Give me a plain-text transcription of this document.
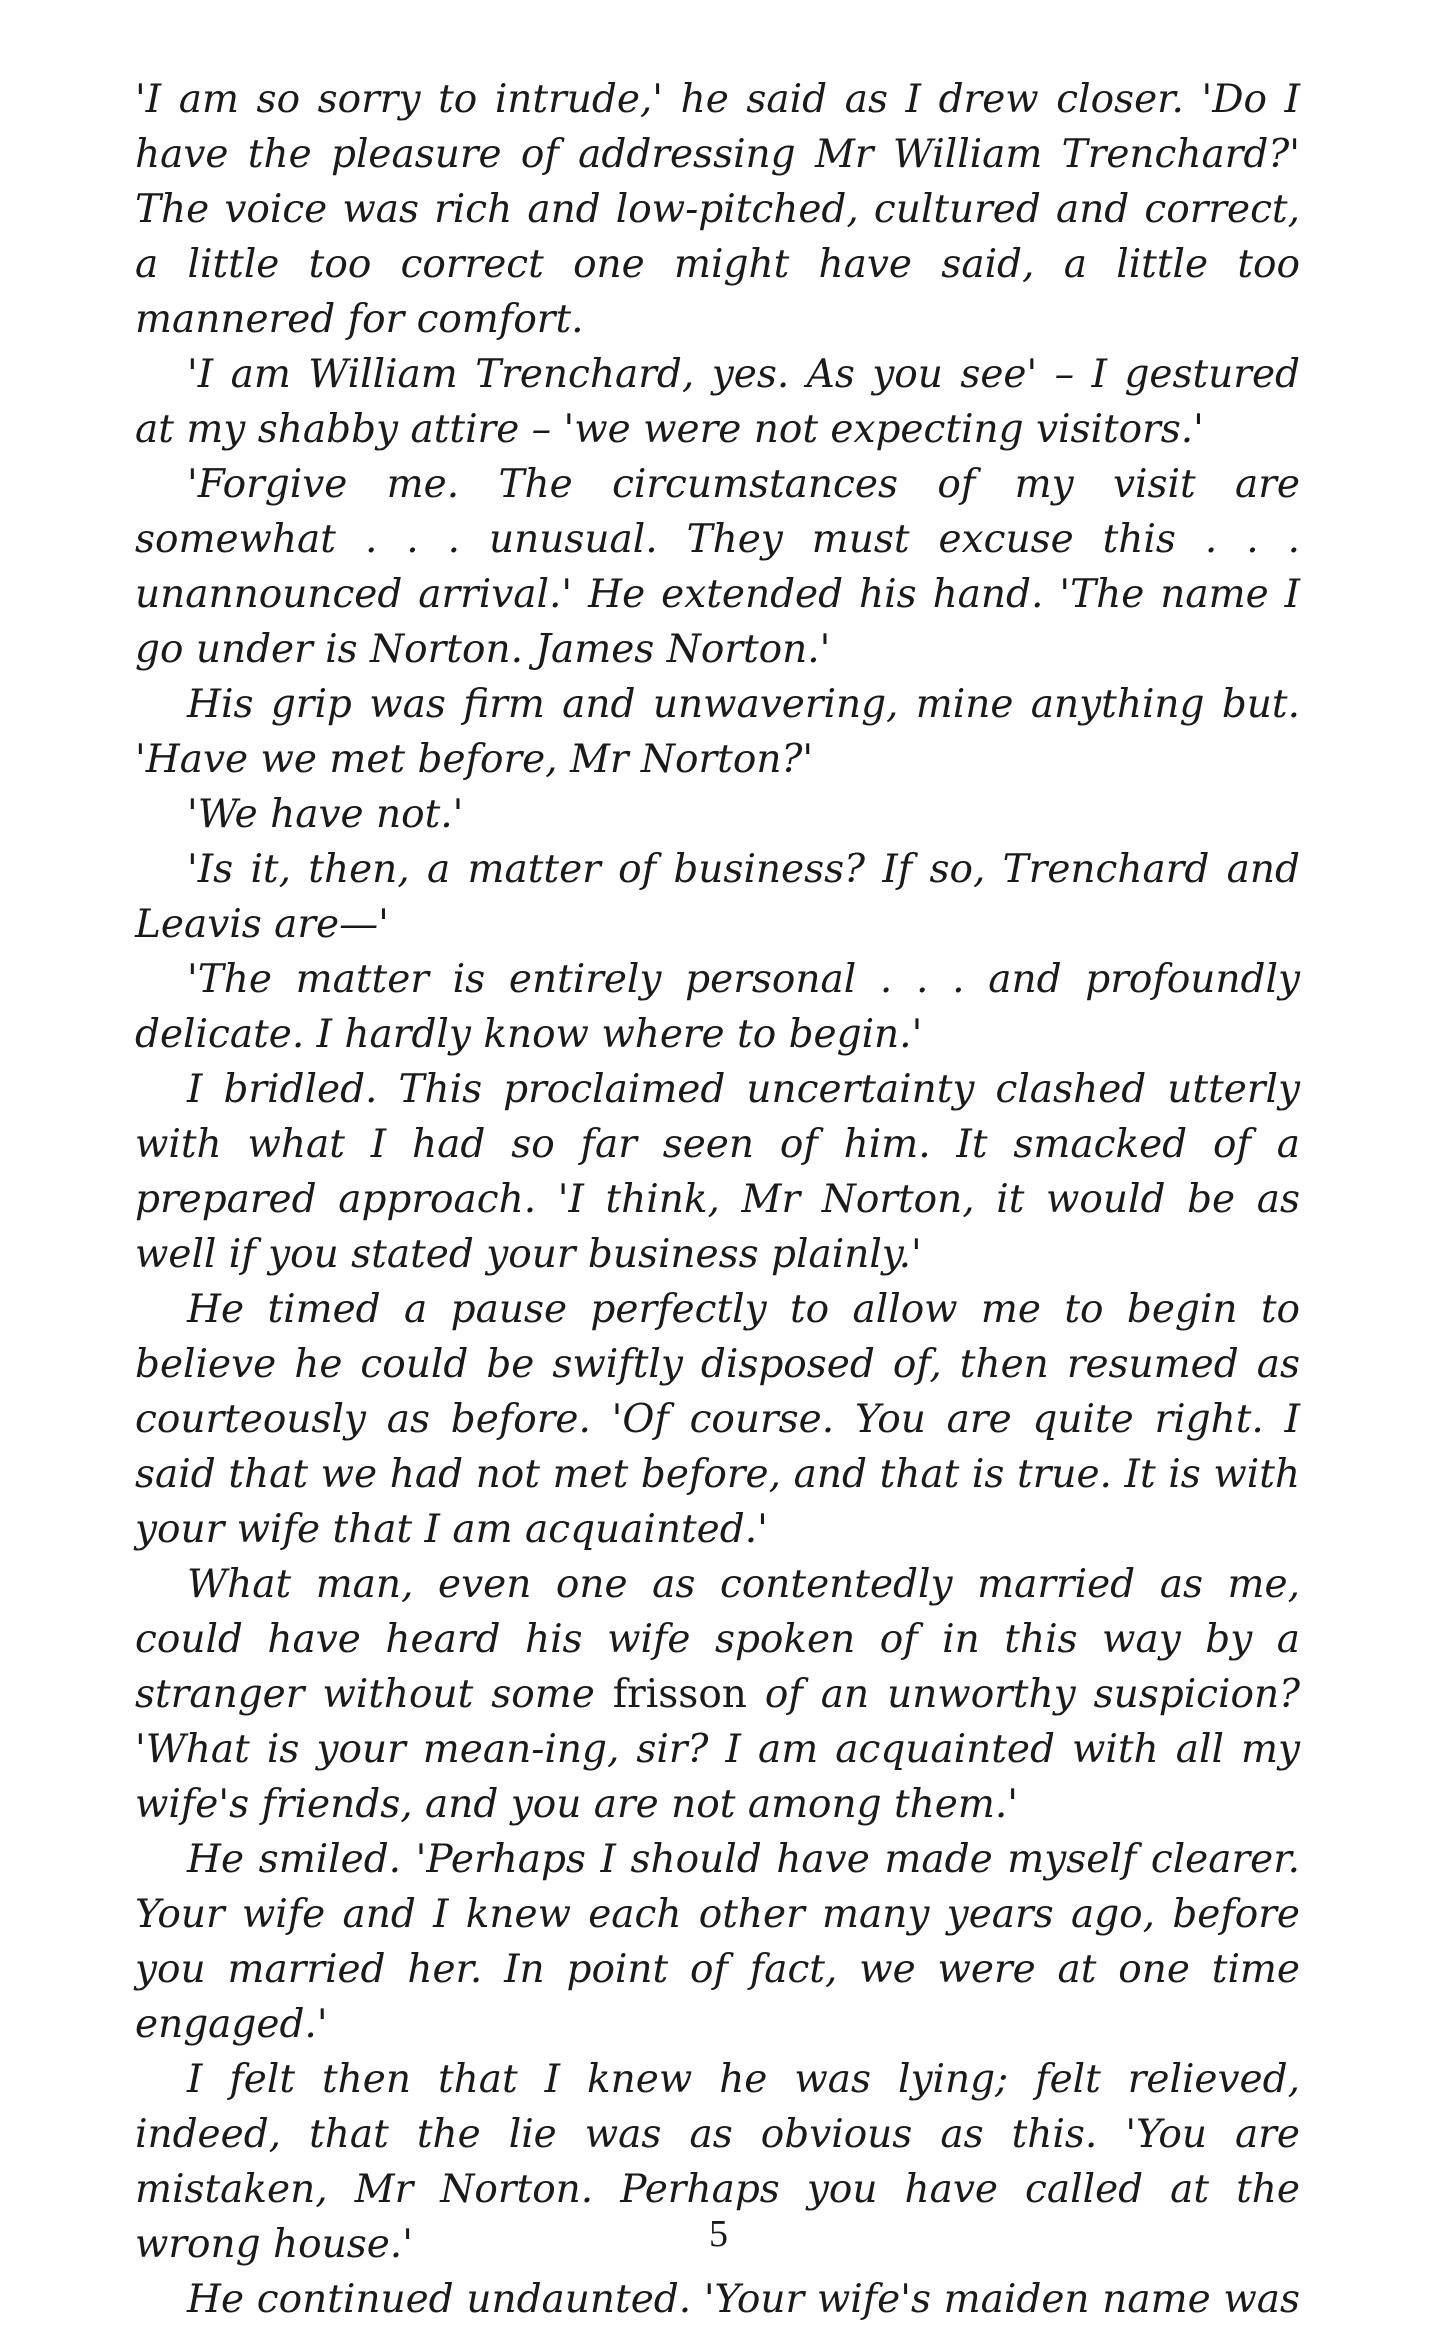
'I am so sorry to intrude,' he said as I drew closer. 'Do I have the pleasure of addressing Mr William Trenchard?' The voice was rich and low-pitched, cultured and correct, a little too correct one might have said, a little too mannered for comfort.

'I am William Trenchard, yes. As you see' – I gestured at my shabby attire – 'we were not expecting visitors.'

'Forgive me. The circumstances of my visit are somewhat . . . unusual. They must excuse this . . . unannounced arrival.' He extended his hand. 'The name I go under is Norton. James Norton.'

His grip was firm and unwavering, mine anything but. 'Have we met before, Mr Norton?'

'We have not.'

'Is it, then, a matter of business? If so, Trenchard and Leavis are—'

'The matter is entirely personal . . . and profoundly delicate. I hardly know where to begin.'

I bridled. This proclaimed uncertainty clashed utterly with what I had so far seen of him. It smacked of a prepared approach. 'I think, Mr Norton, it would be as well if you stated your business plainly.'

He timed a pause perfectly to allow me to begin to believe he could be swiftly disposed of, then resumed as courteously as before. 'Of course. You are quite right. I said that we had not met before, and that is true. It is with your wife that I am acquainted.'

What man, even one as contentedly married as me, could have heard his wife spoken of in this way by a stranger without some frisson of an unworthy suspicion? 'What is your mean-ing, sir? I am acquainted with all my wife's friends, and you are not among them.'

He smiled. 'Perhaps I should have made myself clearer. Your wife and I knew each other many years ago, before you married her. In point of fact, we were at one time engaged.'

I felt then that I knew he was lying; felt relieved, indeed, that the lie was as obvious as this. 'You are mistaken, Mr Norton. Perhaps you have called at the wrong house.'

He continued undaunted. 'Your wife's maiden name was

5
